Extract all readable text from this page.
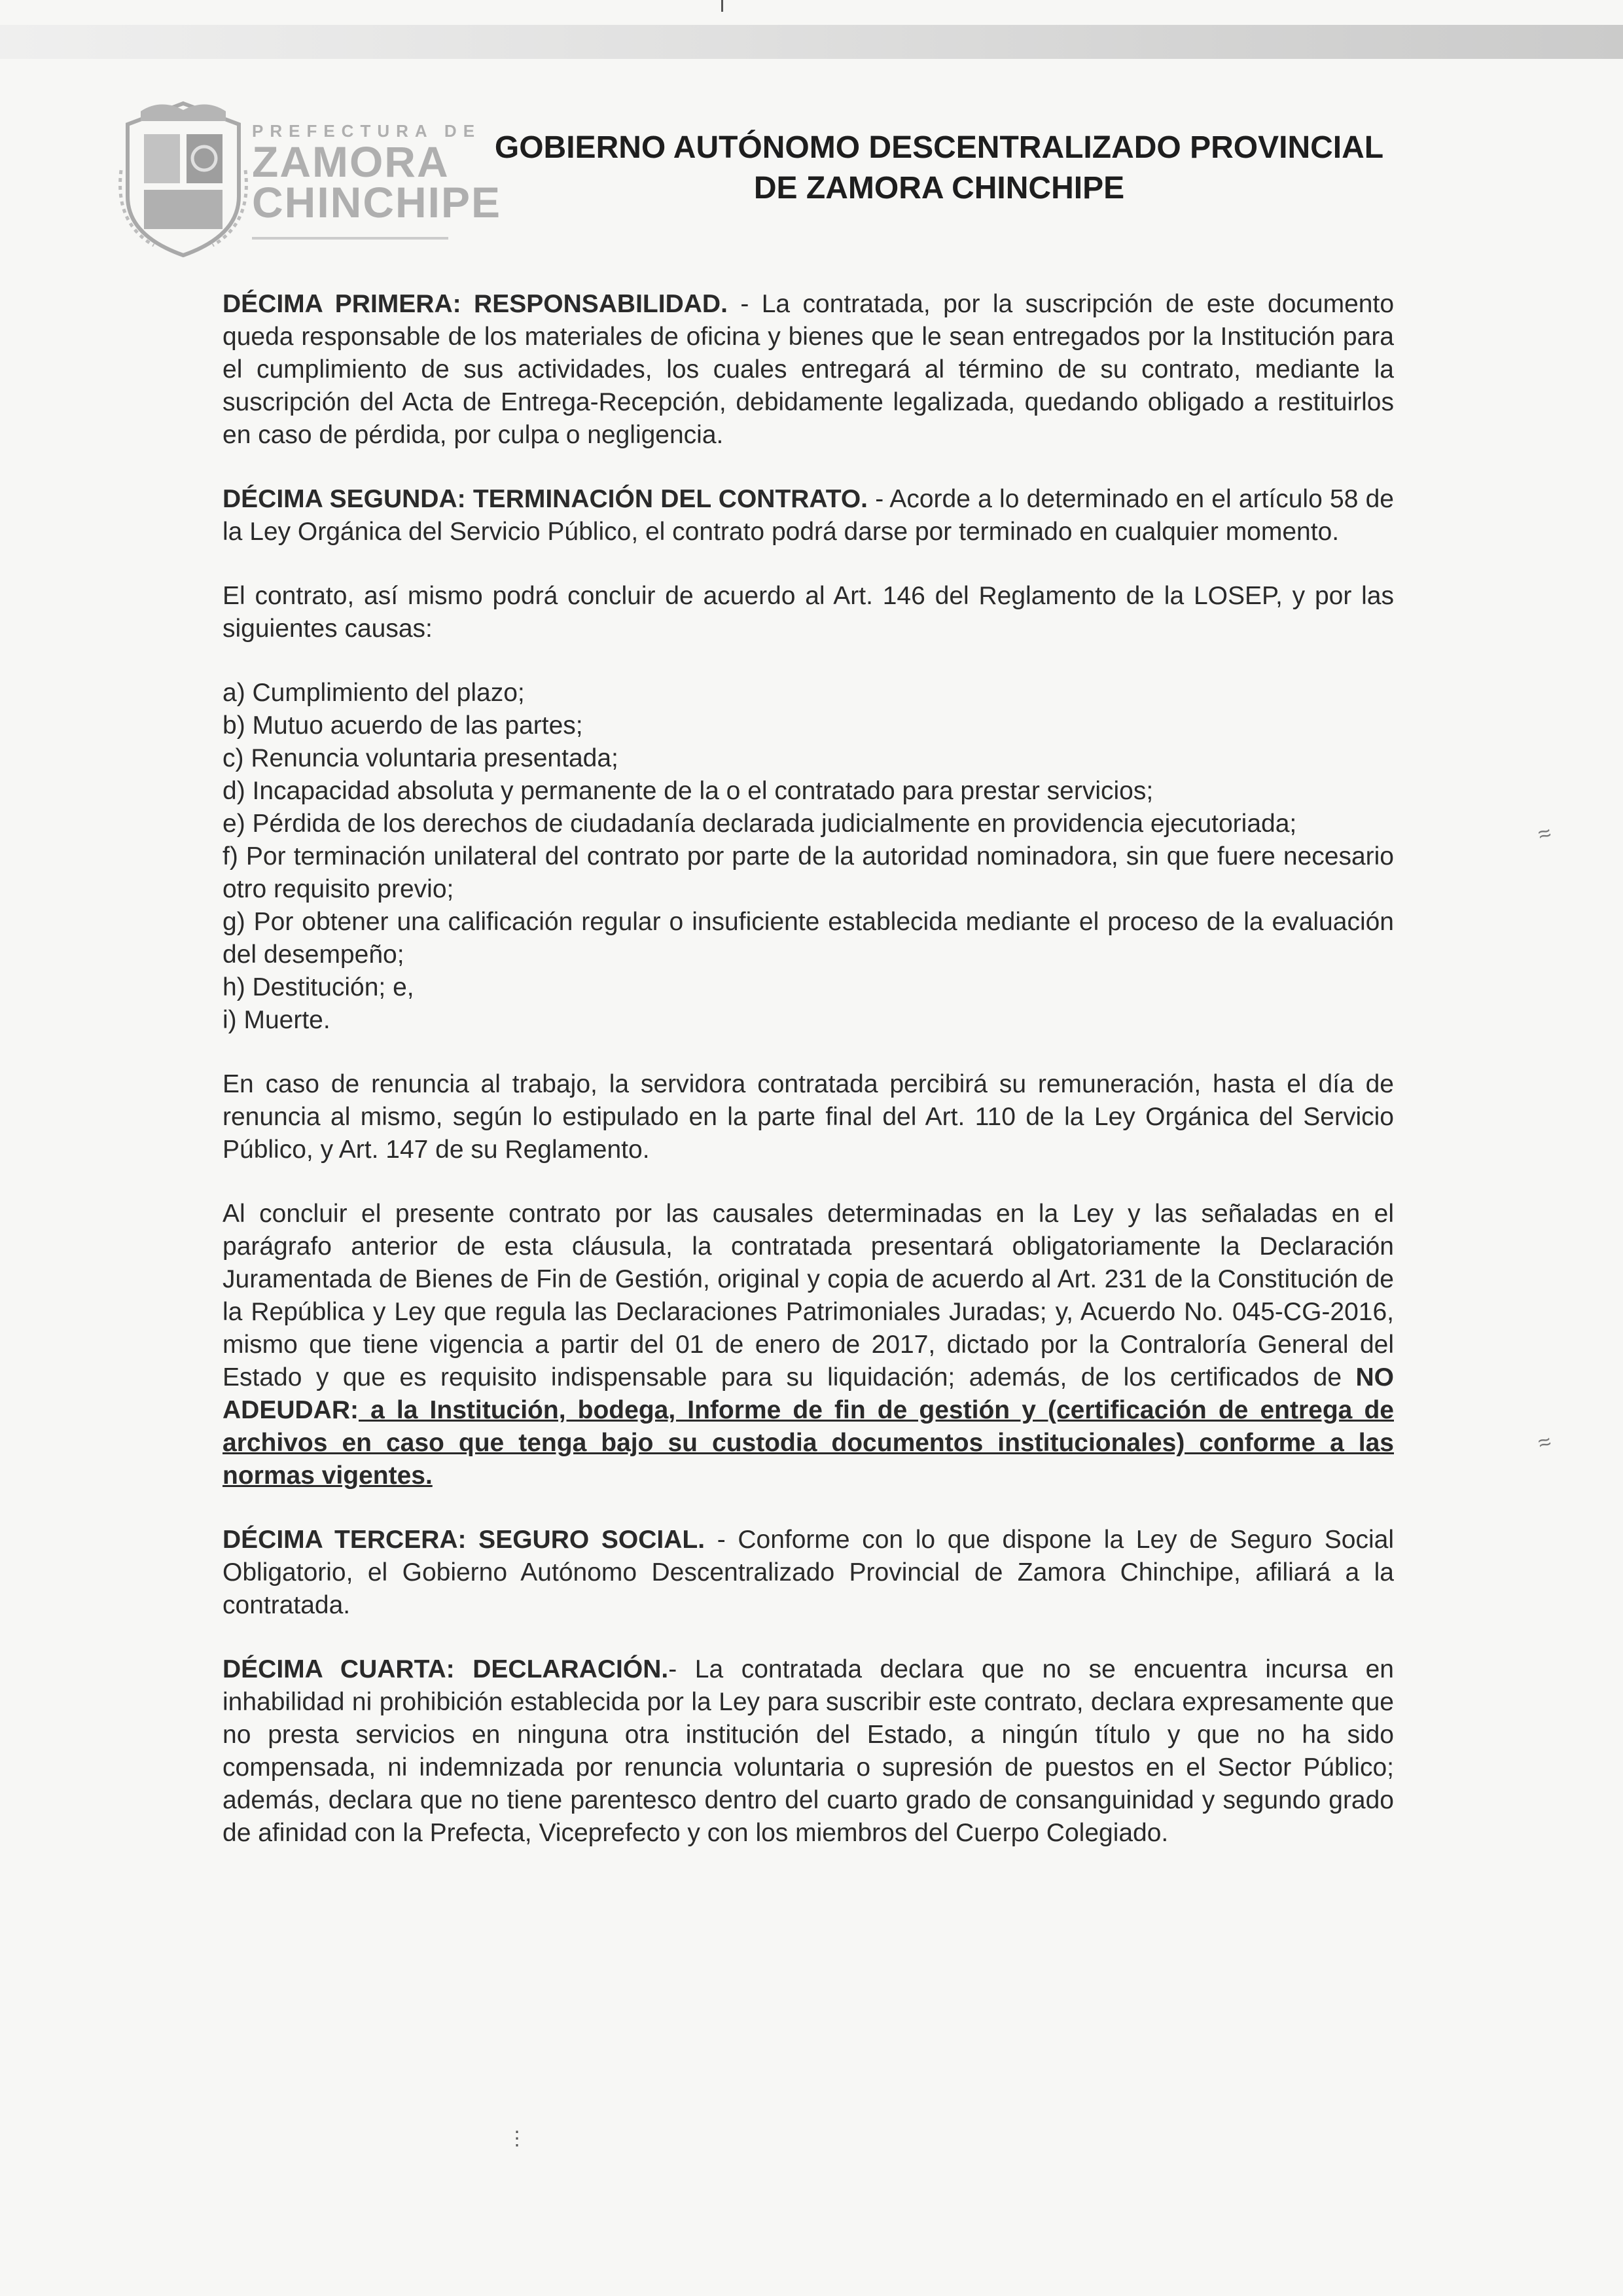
PREFECTURA DE
ZAMORA
CHINCHIPE
GOBIERNO AUTÓNOMO DESCENTRALIZADO PROVINCIAL
DE ZAMORA CHINCHIPE

DÉCIMA PRIMERA: RESPONSABILIDAD. - La contratada, por la suscripción de este documento queda responsable de los materiales de oficina y bienes que le sean entregados por la Institución para el cumplimiento de sus actividades, los cuales entregará al término de su contrato, mediante la suscripción del Acta de Entrega-Recepción, debidamente legalizada, quedando obligado a restituirlos en caso de pérdida, por culpa o negligencia.

DÉCIMA SEGUNDA: TERMINACIÓN DEL CONTRATO. - Acorde a lo determinado en el artículo 58 de la Ley Orgánica del Servicio Público, el contrato podrá darse por terminado en cualquier momento.

El contrato, así mismo podrá concluir de acuerdo al Art. 146 del Reglamento de la LOSEP, y por las siguientes causas:

a) Cumplimiento del plazo;
b) Mutuo acuerdo de las partes;
c) Renuncia voluntaria presentada;
d) Incapacidad absoluta y permanente de la o el contratado para prestar servicios;
e) Pérdida de los derechos de ciudadanía declarada judicialmente en providencia ejecutoriada;
f) Por terminación unilateral del contrato por parte de la autoridad nominadora, sin que fuere necesario otro requisito previo;
g) Por obtener una calificación regular o insuficiente establecida mediante el proceso de la evaluación del desempeño;
h) Destitución; e,
i) Muerte.

En caso de renuncia al trabajo, la servidora contratada percibirá su remuneración, hasta el día de renuncia al mismo, según lo estipulado en la parte final del Art. 110 de la Ley Orgánica del Servicio Público, y Art. 147 de su Reglamento.

Al concluir el presente contrato por las causales determinadas en la Ley y las señaladas en el parágrafo anterior de esta cláusula, la contratada presentará obligatoriamente la Declaración Juramentada de Bienes de Fin de Gestión, original y copia de acuerdo al Art. 231 de la Constitución de la República y Ley que regula las Declaraciones Patrimoniales Juradas; y, Acuerdo No. 045-CG-2016, mismo que tiene vigencia a partir del 01 de enero de 2017, dictado por la Contraloría General del Estado y que es requisito indispensable para su liquidación; además, de los certificados de NO ADEUDAR: a la Institución, bodega, Informe de fin de gestión y (certificación de entrega de archivos en caso que tenga bajo su custodia documentos institucionales) conforme a las normas vigentes.

DÉCIMA TERCERA: SEGURO SOCIAL. - Conforme con lo que dispone la Ley de Seguro Social Obligatorio, el Gobierno Autónomo Descentralizado Provincial de Zamora Chinchipe, afiliará a la contratada.

DÉCIMA CUARTA: DECLARACIÓN.- La contratada declara que no se encuentra incursa en inhabilidad ni prohibición establecida por la Ley para suscribir este contrato, declara expresamente que no presta servicios en ninguna otra institución del Estado, a ningún título y que no ha sido compensada, ni indemnizada por renuncia voluntaria o supresión de puestos en el Sector Público; además, declara que no tiene parentesco dentro del cuarto grado de consanguinidad y segundo grado de afinidad con la Prefecta, Viceprefecto y con los miembros del Cuerpo Colegiado.

≈
≈
⋮
